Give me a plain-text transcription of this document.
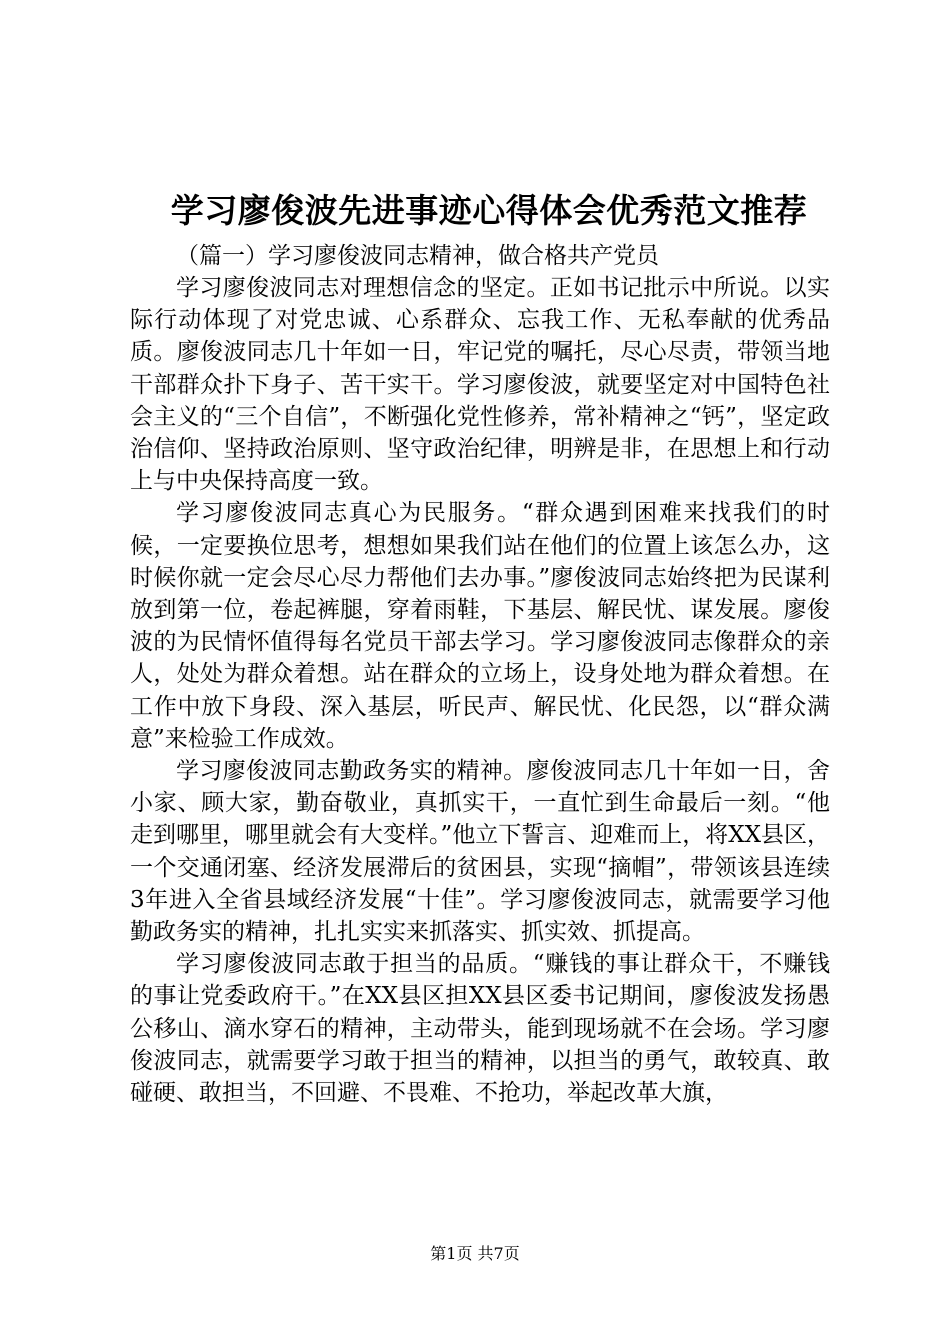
学习廖俊波先进事迹心得体会优秀范文推荐

（篇一）学习廖俊波同志精神，做合格共产党员

学习廖俊波同志对理想信念的坚定。正如书记批示中所说。以实际行动体现了对党忠诚、心系群众、忘我工作、无私奉献的优秀品质。廖俊波同志几十年如一日，牢记党的嘱托，尽心尽责，带领当地干部群众扑下身子、苦干实干。学习廖俊波，就要坚定对中国特色社会主义的“三个自信”，不断强化党性修养，常补精神之“钙”，坚定政治信仰、坚持政治原则、坚守政治纪律，明辨是非，在思想上和行动上与中央保持高度一致。

学习廖俊波同志真心为民服务。“群众遇到困难来找我们的时候，一定要换位思考，想想如果我们站在他们的位置上该怎么办，这时候你就一定会尽心尽力帮他们去办事。”廖俊波同志始终把为民谋利放到第一位，卷起裤腿，穿着雨鞋，下基层、解民忧、谋发展。廖俊波的为民情怀值得每名党员干部去学习。学习廖俊波同志像群众的亲人，处处为群众着想。站在群众的立场上，设身处地为群众着想。在工作中放下身段、深入基层，听民声、解民忧、化民怨，以“群众满意”来检验工作成效。

学习廖俊波同志勤政务实的精神。廖俊波同志几十年如一日，舍小家、顾大家，勤奋敬业，真抓实干，一直忙到生命最后一刻。“他走到哪里，哪里就会有大变样。”他立下誓言、迎难而上，将XX县区，一个交通闭塞、经济发展滞后的贫困县，实现“摘帽”，带领该县连续3年进入全省县域经济发展“十佳”。学习廖俊波同志，就需要学习他勤政务实的精神，扎扎实实来抓落实、抓实效、抓提高。

学习廖俊波同志敢于担当的品质。“赚钱的事让群众干，不赚钱的事让党委政府干。”在XX县区担XX县区委书记期间，廖俊波发扬愚公移山、滴水穿石的精神，主动带头，能到现场就不在会场。学习廖俊波同志，就需要学习敢于担当的精神，以担当的勇气，敢较真、敢碰硬、敢担当，不回避、不畏难、不抢功，举起改革大旗，

第1页 共7页
